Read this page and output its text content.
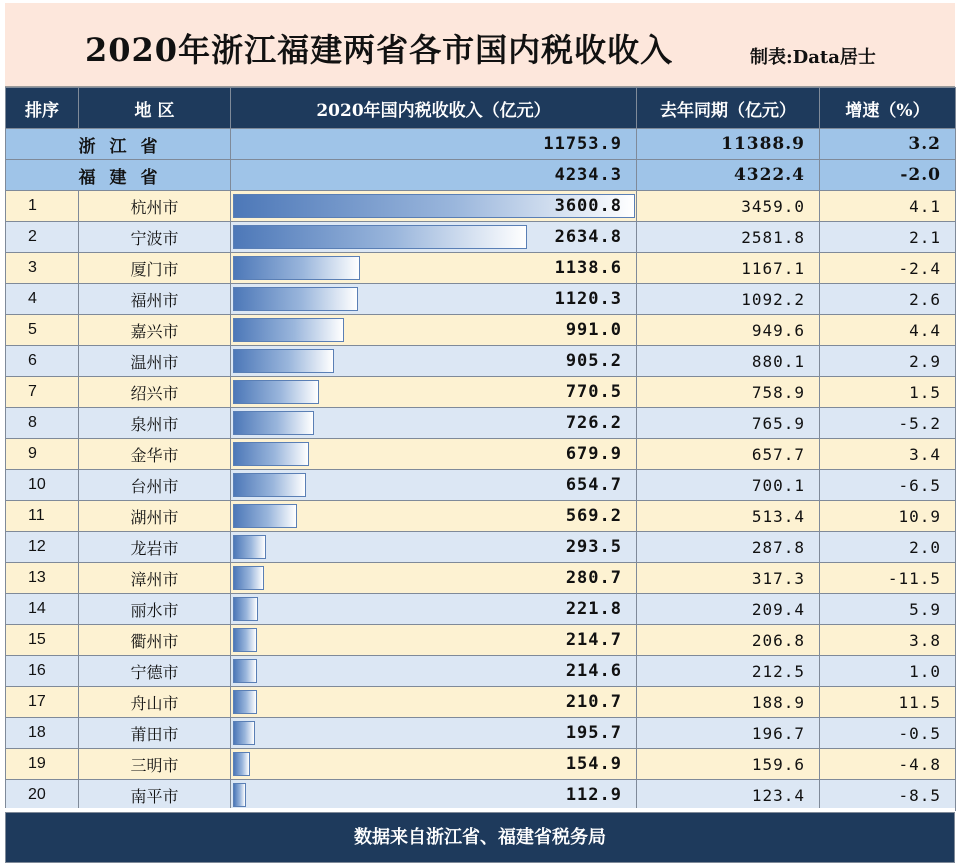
2020年浙江福建两省各市国内税收收入	制表:Data居士
排序	地 区	2020年国内税收收入（亿元）	去年同期（亿元）	增速（%）
浙江省		11753.9	11388.9	3.2
福建省		4234.3	4322.4	-2.0
1	杭州市	3600.8	3459.0	4.1
2	宁波市	2634.8	2581.8	2.1
3	厦门市	1138.6	1167.1	-2.4
4	福州市	1120.3	1092.2	2.6
5	嘉兴市	991.0	949.6	4.4
6	温州市	905.2	880.1	2.9
7	绍兴市	770.5	758.9	1.5
8	泉州市	726.2	765.9	-5.2
9	金华市	679.9	657.7	3.4
10	台州市	654.7	700.1	-6.5
11	湖州市	569.2	513.4	10.9
12	龙岩市	293.5	287.8	2.0
13	漳州市	280.7	317.3	-11.5
14	丽水市	221.8	209.4	5.9
15	衢州市	214.7	206.8	3.8
16	宁德市	214.6	212.5	1.0
17	舟山市	210.7	188.9	11.5
18	莆田市	195.7	196.7	-0.5
19	三明市	154.9	159.6	-4.8
20	南平市	112.9	123.4	-8.5
数据来自浙江省、福建省税务局
